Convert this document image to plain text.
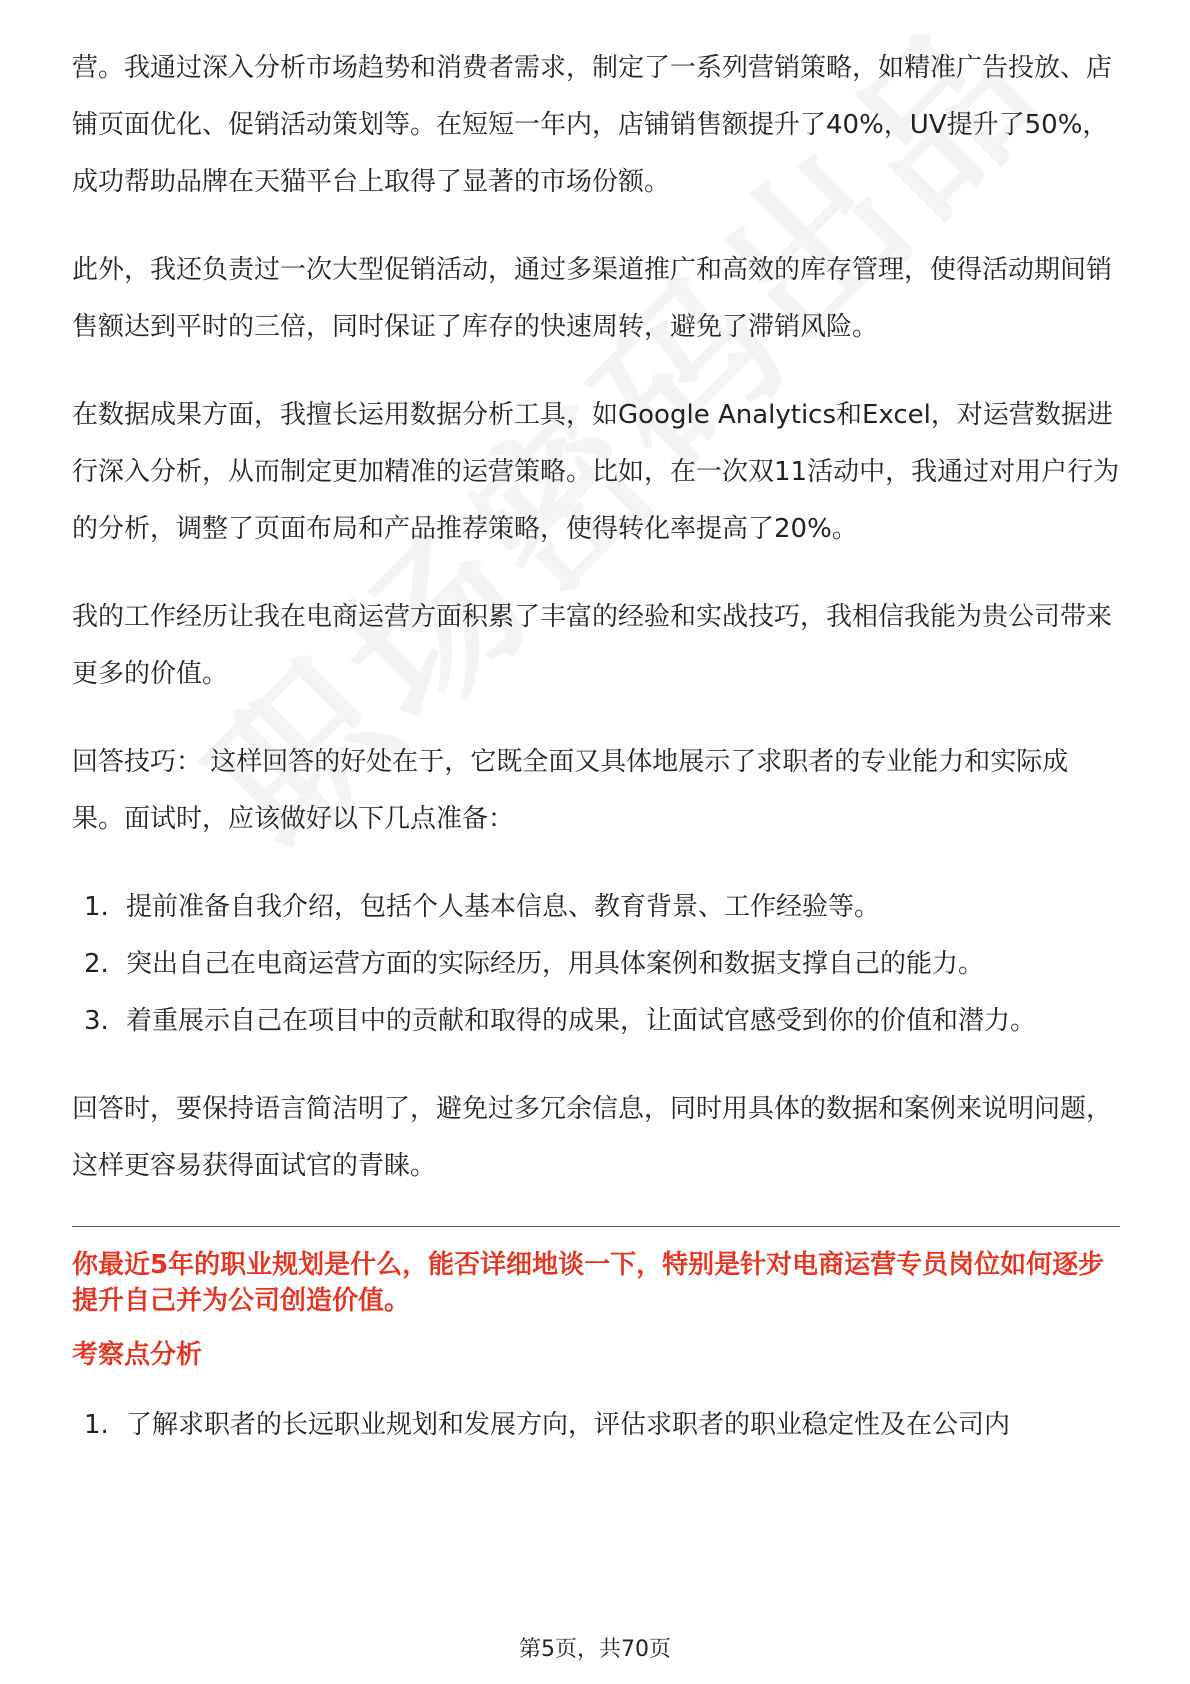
营。我通过深入分析市场趋势和消费者需求，制定了一系列营销策略，如精准广告投放、店铺页面优化、促销活动策划等。在短短一年内，店铺销售额提升了40%，UV提升了50%，成功帮助品牌在天猫平台上取得了显著的市场份额。

此外，我还负责过一次大型促销活动，通过多渠道推广和高效的库存管理，使得活动期间销售额达到平时的三倍，同时保证了库存的快速周转，避免了滞销风险。

在数据成果方面，我擅长运用数据分析工具，如Google Analytics和Excel，对运营数据进行深入分析，从而制定更加精准的运营策略。比如，在一次双11活动中，我通过对用户行为的分析，调整了页面布局和产品推荐策略，使得转化率提高了20%。

我的工作经历让我在电商运营方面积累了丰富的经验和实战技巧，我相信我能为贵公司带来更多的价值。

回答技巧： 这样回答的好处在于，它既全面又具体地展示了求职者的专业能力和实际成果。面试时，应该做好以下几点准备：

1. 提前准备自我介绍，包括个人基本信息、教育背景、工作经验等。
2. 突出自己在电商运营方面的实际经历，用具体案例和数据支撑自己的能力。
3. 着重展示自己在项目中的贡献和取得的成果，让面试官感受到你的价值和潜力。

回答时，要保持语言简洁明了，避免过多冗余信息，同时用具体的数据和案例来说明问题，这样更容易获得面试官的青睐。

你最近5年的职业规划是什么，能否详细地谈一下，特别是针对电商运营专员岗位如何逐步提升自己并为公司创造价值。
考察点分析
1. 了解求职者的长远职业规划和发展方向，评估求职者的职业稳定性及在公司内
第5页，共70页
